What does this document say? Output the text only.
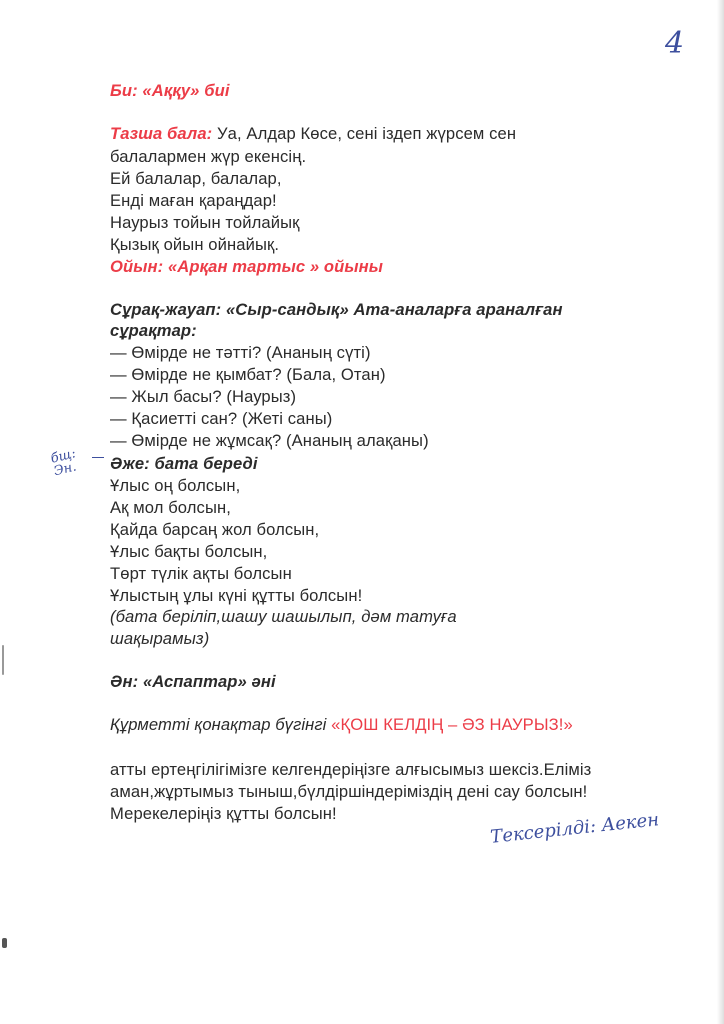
4
Би: «Аққу» биі
Тазша бала: Уа, Алдар Көсе, сені іздеп жүрсем сен
балалармен жүр екенсің.
Ей балалар, балалар,
Енді маған қараңдар!
Наурыз тойын тойлайық
Қызық ойын ойнайық.
Ойын: «Арқан тартыс » ойыны
Сұрақ-жауап: «Сыр-сандық» Ата-аналарға араналған
сұрақтар:
— Өмірде не тәтті? (Ананың сүті)
— Өмірде не қымбат? (Бала, Отан)
— Жыл басы? (Наурыз)
— Қасиетті сан? (Жеті саны)
— Өмірде не жұмсақ? (Ананың алақаны)
бщ: Эн.	Әже: бата береді
Ұлыс оң болсын,
Ақ мол болсын,
Қайда барсаң жол болсын,
Ұлыс бақты болсын,
Төрт түлік ақты болсын
Ұлыстың ұлы күні құтты болсын!
(бата беріліп,шашу шашылып, дәм татуға
шақырамыз)
Ән: «Аспаптар» әні
Құрметті қонақтар бүгінгі «ҚОШ КЕЛДІҢ – ӘЗ НАУРЫЗ!»
атты ертеңгілігімізге келгендеріңізге алғысымыз шексіз.Еліміз
аман,жұртымыз тыныш,бүлдіршіндеріміздің дені сау болсын!
Мерекелеріңіз құтты болсын!	Тексерілді: Аекен
